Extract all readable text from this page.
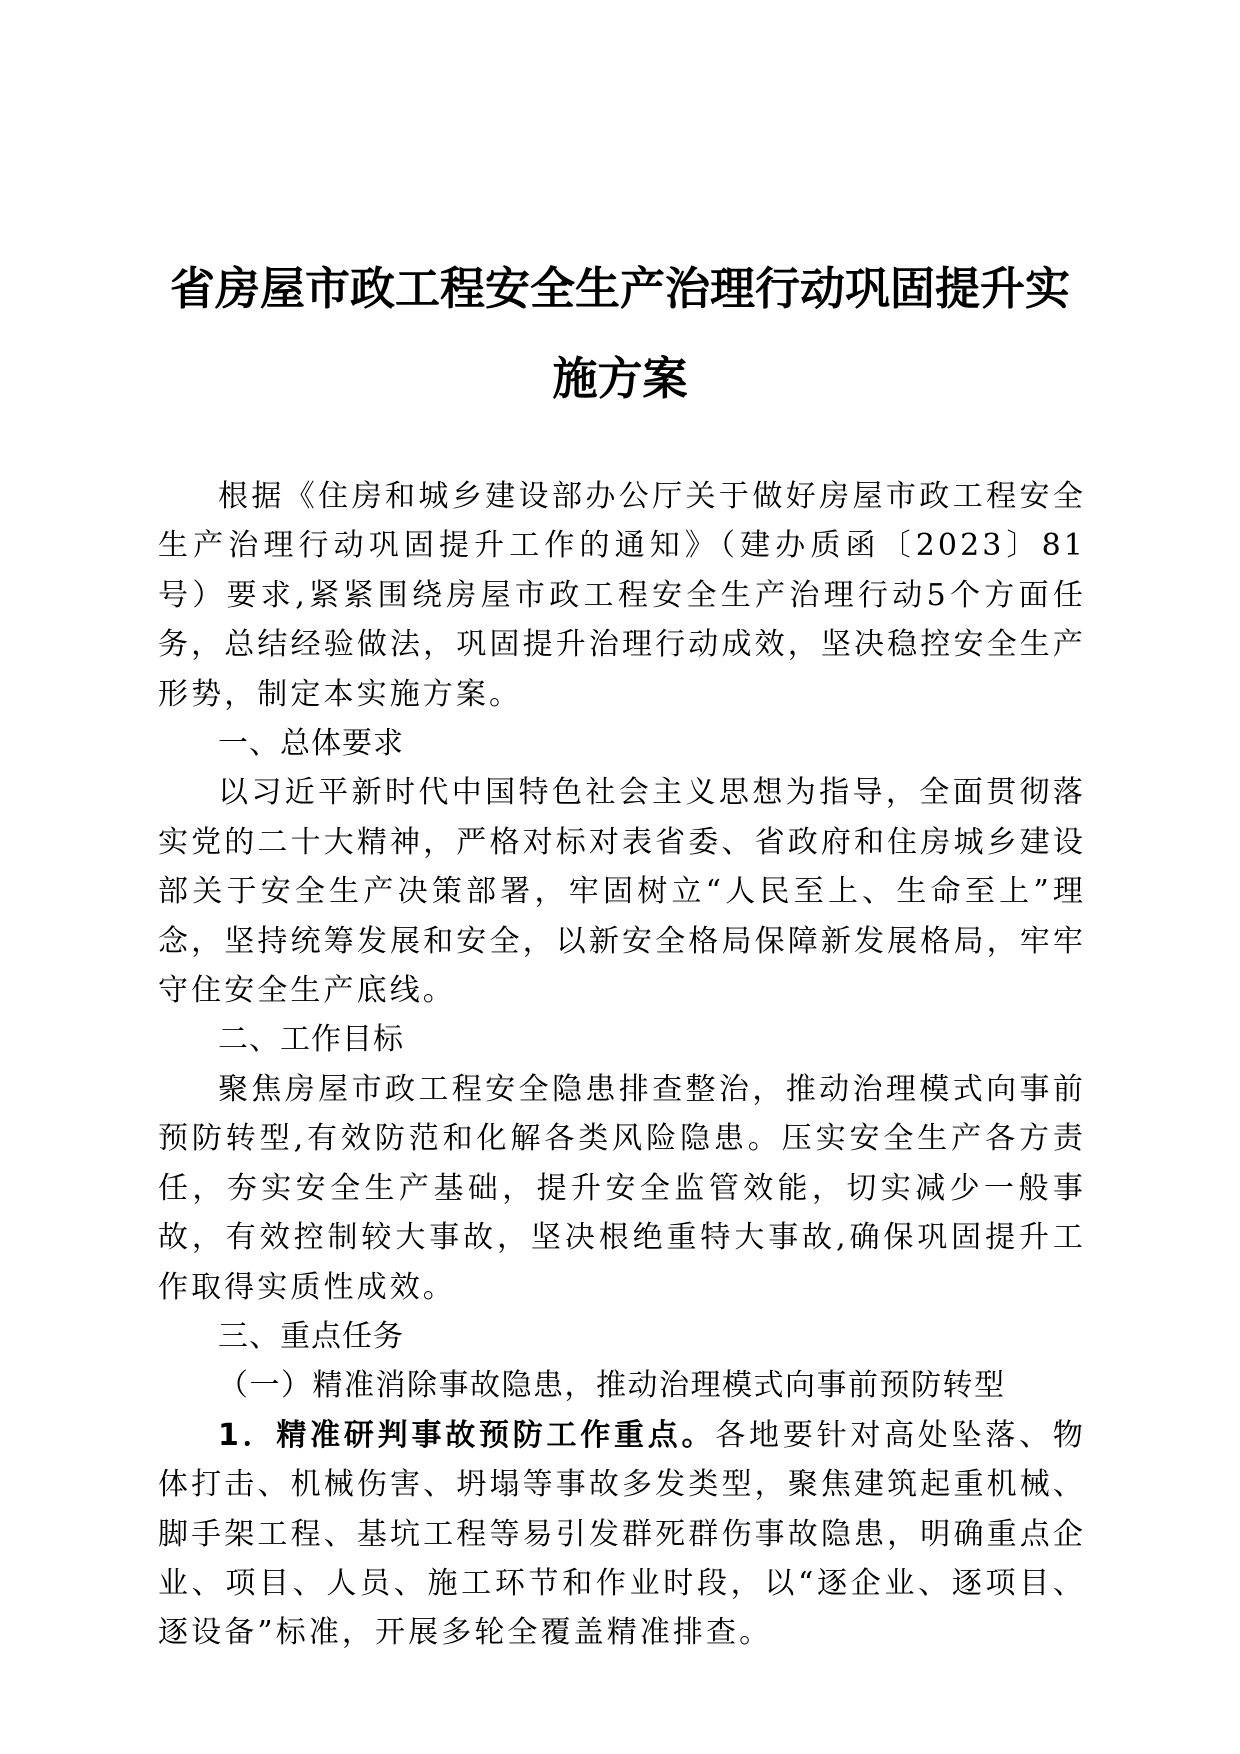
省房屋市政工程安全生产治理行动巩固提升实
施方案

根据《住房和城乡建设部办公厅关于做好房屋市政工程安全生产治理行动巩固提升工作的通知》（建办质函〔2023〕81号）要求,紧紧围绕房屋市政工程安全生产治理行动5个方面任务，总结经验做法，巩固提升治理行动成效，坚决稳控安全生产形势，制定本实施方案。

一、总体要求

以习近平新时代中国特色社会主义思想为指导，全面贯彻落实党的二十大精神，严格对标对表省委、省政府和住房城乡建设部关于安全生产决策部署，牢固树立“人民至上、生命至上”理念，坚持统筹发展和安全，以新安全格局保障新发展格局，牢牢守住安全生产底线。

二、工作目标

聚焦房屋市政工程安全隐患排查整治，推动治理模式向事前预防转型,有效防范和化解各类风险隐患。压实安全生产各方责任，夯实安全生产基础，提升安全监管效能，切实减少一般事故，有效控制较大事故，坚决根绝重特大事故,确保巩固提升工作取得实质性成效。

三、重点任务

（一）精准消除事故隐患，推动治理模式向事前预防转型

1．精准研判事故预防工作重点。各地要针对高处坠落、物体打击、机械伤害、坍塌等事故多发类型，聚焦建筑起重机械、脚手架工程、基坑工程等易引发群死群伤事故隐患，明确重点企业、项目、人员、施工环节和作业时段，以“逐企业、逐项目、逐设备”标准，开展多轮全覆盖精准排查。
